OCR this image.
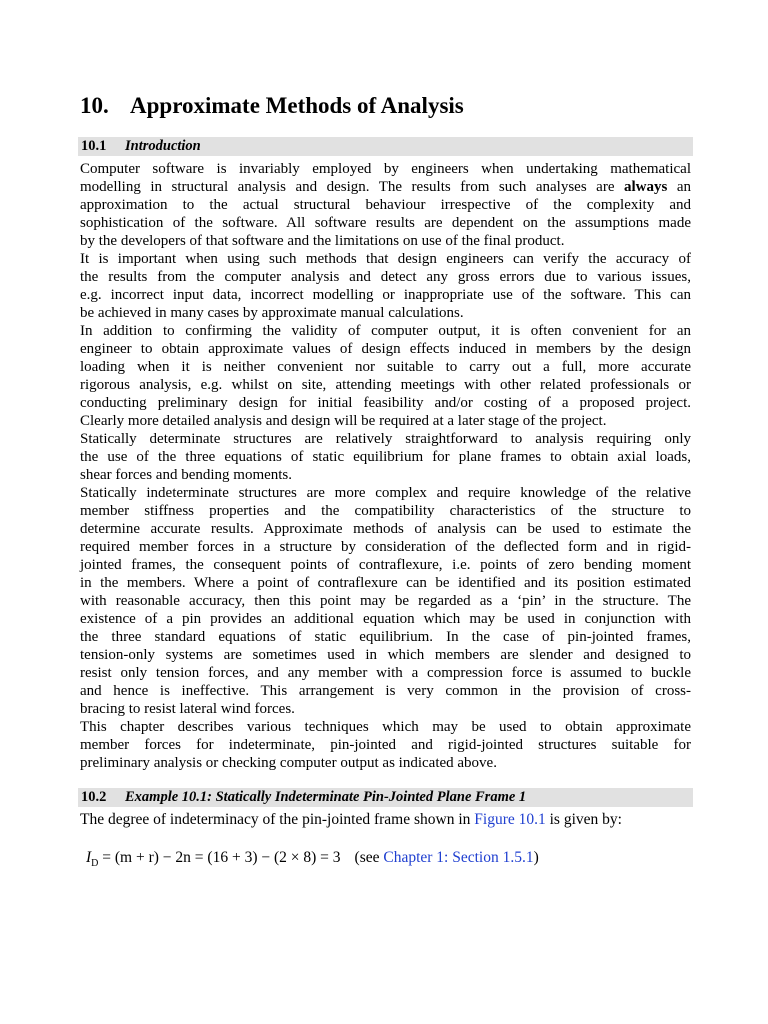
10. Approximate Methods of Analysis
10.1 Introduction

Computer software is invariably employed by engineers when undertaking mathematical
modelling in structural analysis and design. The results from such analyses are always an
approximation to the actual structural behaviour irrespective of the complexity and
sophistication of the software. All software results are dependent on the assumptions made
by the developers of that software and the limitations on use of the final product.

It is important when using such methods that design engineers can verify the accuracy of
the results from the computer analysis and detect any gross errors due to various issues,
e.g. incorrect input data, incorrect modelling or inappropriate use of the software. This can
be achieved in many cases by approximate manual calculations.

In addition to confirming the validity of computer output, it is often convenient for an
engineer to obtain approximate values of design effects induced in members by the design
loading when it is neither convenient nor suitable to carry out a full, more accurate
rigorous analysis, e.g. whilst on site, attending meetings with other related professionals or
conducting preliminary design for initial feasibility and/or costing of a proposed project.
Clearly more detailed analysis and design will be required at a later stage of the project.

Statically determinate structures are relatively straightforward to analysis requiring only
the use of the three equations of static equilibrium for plane frames to obtain axial loads,
shear forces and bending moments.

Statically indeterminate structures are more complex and require knowledge of the relative
member stiffness properties and the compatibility characteristics of the structure to
determine accurate results. Approximate methods of analysis can be used to estimate the
required member forces in a structure by consideration of the deflected form and in rigid-
jointed frames, the consequent points of contraflexure, i.e. points of zero bending moment
in the members. Where a point of contraflexure can be identified and its position estimated
with reasonable accuracy, then this point may be regarded as a ‘pin’ in the structure. The
existence of a pin provides an additional equation which may be used in conjunction with
the three standard equations of static equilibrium. In the case of pin-jointed frames,
tension-only systems are sometimes used in which members are slender and designed to
resist only tension forces, and any member with a compression force is assumed to buckle
and hence is ineffective. This arrangement is very common in the provision of cross-
bracing to resist lateral wind forces.

This chapter describes various techniques which may be used to obtain approximate
member forces for indeterminate, pin-jointed and rigid-jointed structures suitable for
preliminary analysis or checking computer output as indicated above.

10.2 Example 10.1: Statically Indeterminate Pin-Jointed Plane Frame 1
The degree of indeterminacy of the pin-jointed frame shown in Figure 10.1 is given by:
$I_D = (m + r) - 2n = (16 + 3) - (2 \times 8) = 3$ (see Chapter 1: Section 1.5.1)
